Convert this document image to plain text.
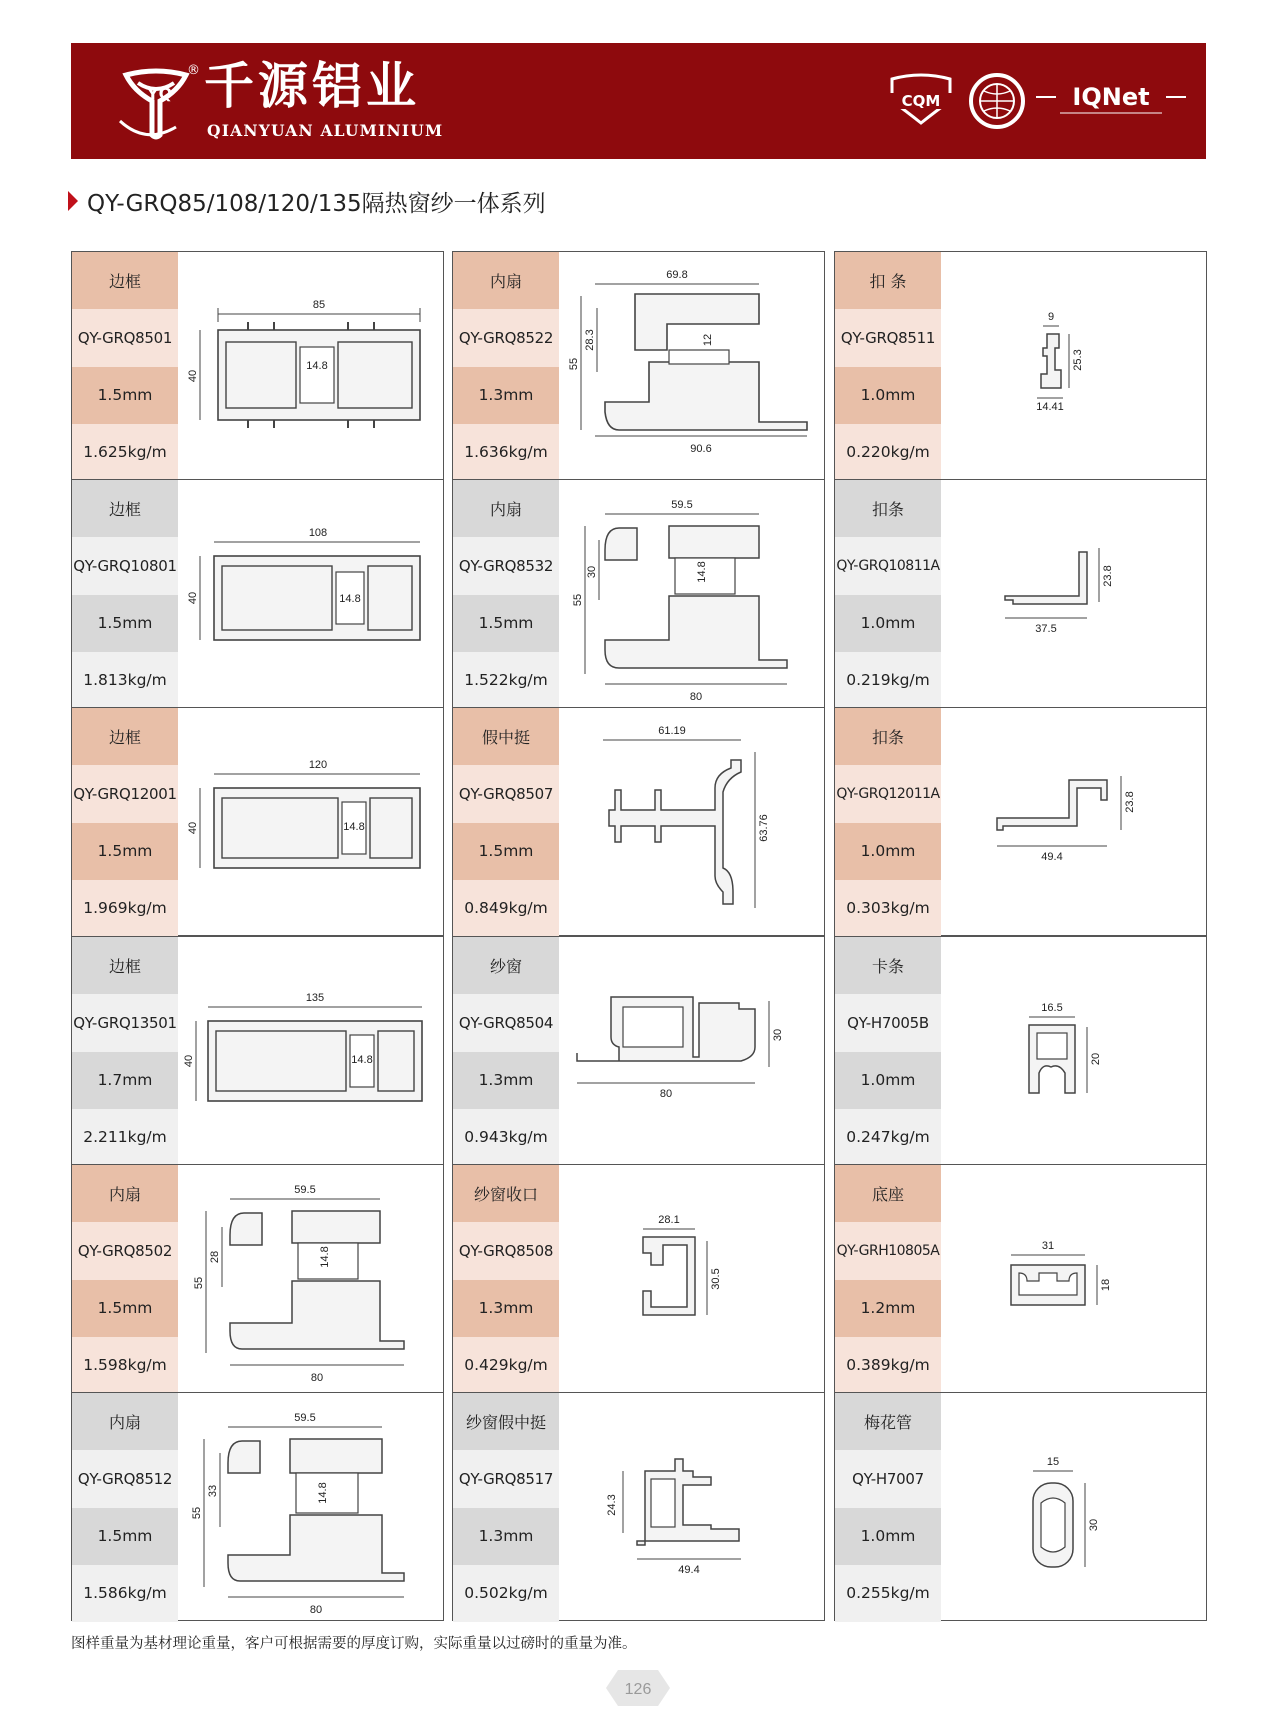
YQ
® 千源铝业
QIANYUAN ALUMINIUM
CQM	IQNet
QY-GRQ85/108/120/135隔热窗纱一体系列
边框
QY-GRQ8501
1.5mm
1.625kg/m
85
40
14.8
内扇
QY-GRQ8522
1.3mm
1.636kg/m
69.8
55
28.3	12
90.6
扣 条
QY-GRQ8511
1.0mm
0.220kg/m
9
25.3
14.41
边框
QY-GRQ10801
1.5mm
1.813kg/m
108
40	14.8
内扇
QY-GRQ8532
1.5mm
1.522kg/m
59.5
55
30	14.8
80
扣条
QY-GRQ10811A
1.0mm
0.219kg/m
23.8
37.5
边框
QY-GRQ12001
1.5mm
1.969kg/m
120
40	14.8
假中挺
QY-GRQ8507
1.5mm
0.849kg/m
61.19
63.76
扣条
QY-GRQ12011A
1.0mm
0.303kg/m
23.8
49.4
边框
QY-GRQ13501
1.7mm
2.211kg/m
135
40	14.8
纱窗
QY-GRQ8504
1.3mm
0.943kg/m
30
80
卡条
QY-H7005B
1.0mm
0.247kg/m
16.5
20
内扇
QY-GRQ8502
1.5mm
1.598kg/m
59.5
55
28	14.8
80
纱窗收口
QY-GRQ8508
1.3mm
0.429kg/m
28.1
30.5
底座
QY-GRH10805A
1.2mm
0.389kg/m
31
18
内扇
QY-GRQ8512
1.5mm
1.586kg/m
59.5
55
33	14.8
80
纱窗假中挺
QY-GRQ8517
1.3mm
0.502kg/m
24.3
49.4
梅花管
QY-H7007
1.0mm
0.255kg/m
15
30
图样重量为基材理论重量，客户可根据需要的厚度订购，实际重量以过磅时的重量为准。
126
